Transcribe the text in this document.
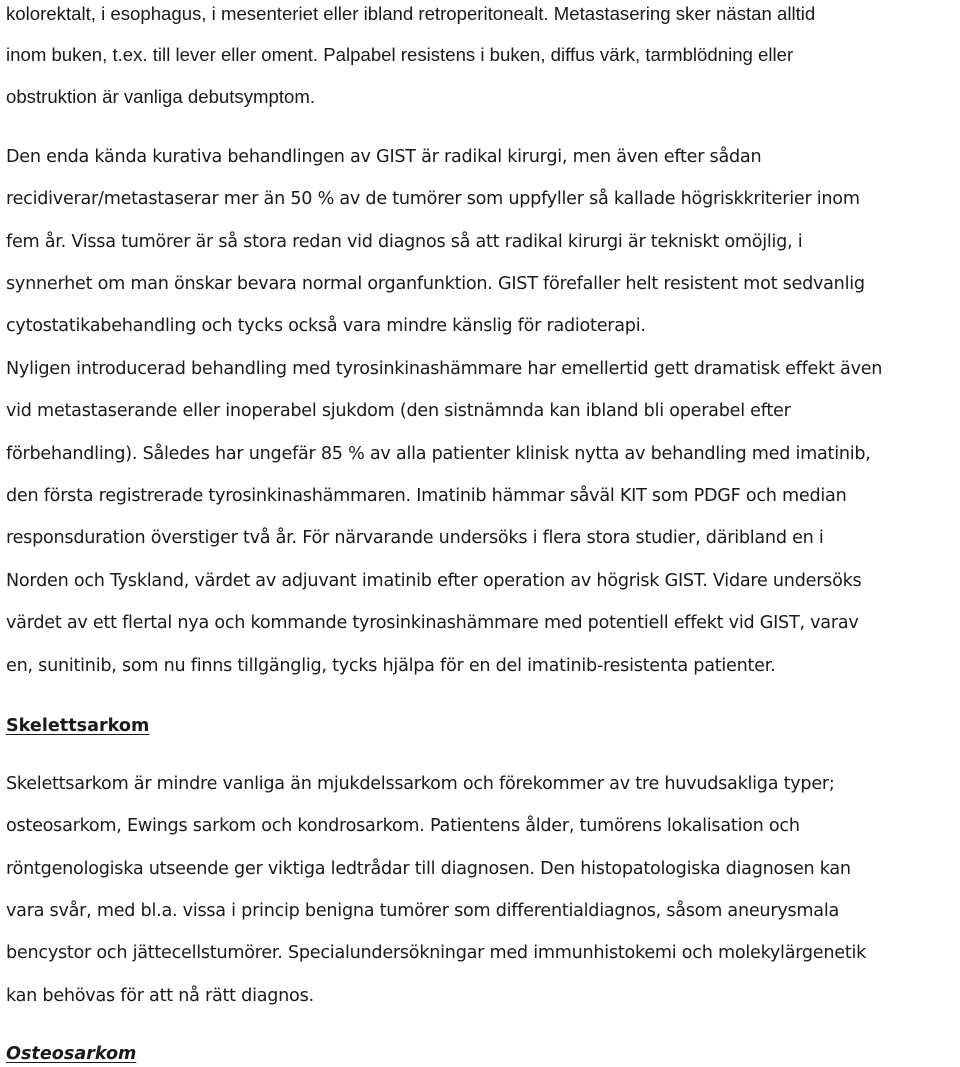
kolorektalt, i esophagus, i mesenteriet eller ibland retroperitonealt. Metastasering sker nästan alltid
inom buken, t.ex. till lever eller oment. Palpabel resistens i buken, diffus värk, tarmblödning eller
obstruktion är vanliga debutsymptom.
Den enda kända kurativa behandlingen av GIST är radikal kirurgi, men även efter sådan
recidiverar/metastaserar mer än 50 % av de tumörer som uppfyller så kallade högriskkriterier inom
fem år. Vissa tumörer är så stora redan vid diagnos så att radikal kirurgi är tekniskt omöjlig, i
synnerhet om man önskar bevara normal organfunktion. GIST förefaller helt resistent mot sedvanlig
cytostatikabehandling och tycks också vara mindre känslig för radioterapi.
Nyligen introducerad behandling med tyrosinkinashämmare har emellertid gett dramatisk effekt även
vid metastaserande eller inoperabel sjukdom (den sistnämnda kan ibland bli operabel efter
förbehandling). Således har ungefär 85 % av alla patienter klinisk nytta av behandling med imatinib,
den första registrerade tyrosinkinashämmaren. Imatinib hämmar såväl KIT som PDGF och median
responsduration överstiger två år. För närvarande undersöks i flera stora studier, däribland en i
Norden och Tyskland, värdet av adjuvant imatinib efter operation av högrisk GIST. Vidare undersöks
värdet av ett flertal nya och kommande tyrosinkinashämmare med potentiell effekt vid GIST, varav
en, sunitinib, som nu finns tillgänglig, tycks hjälpa för en del imatinib-resistenta patienter.
Skelettsarkom
Skelettsarkom är mindre vanliga än mjukdelssarkom och förekommer av tre huvudsakliga typer;
osteosarkom, Ewings sarkom och kondrosarkom. Patientens ålder, tumörens lokalisation och
röntgenologiska utseende ger viktiga ledtrådar till diagnosen. Den histopatologiska diagnosen kan
vara svår, med bl.a. vissa i princip benigna tumörer som differentialdiagnos, såsom aneurysmala
bencystor och jättecellstumörer. Specialundersökningar med immunhistokemi och molekylärgenetik
kan behövas för att nå rätt diagnos.
Osteosarkom
